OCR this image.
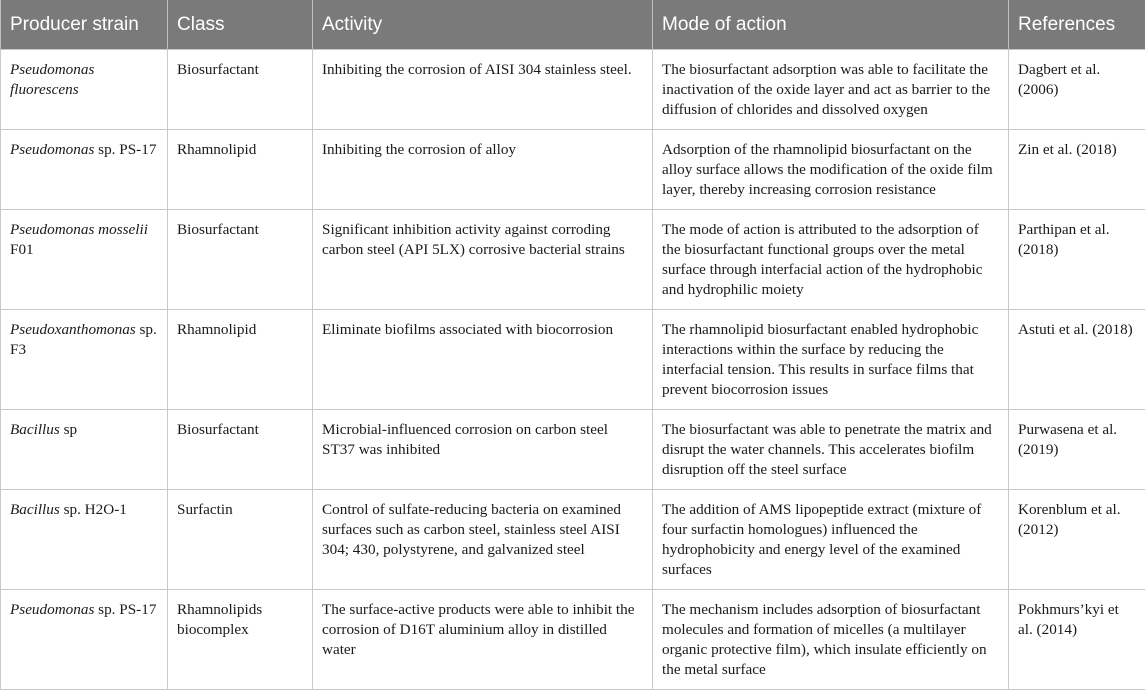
Producer strain	Class	Activity	Mode of action	References
Pseudomonas fluorescens	Biosurfactant	Inhibiting the corrosion of AISI 304 stainless steel.	The biosurfactant adsorption was able to facilitate the inactivation of the oxide layer and act as barrier to the diffusion of chlorides and dissolved oxygen	Dagbert et al. (2006)
Pseudomonas sp. PS-17	Rhamnolipid	Inhibiting the corrosion of alloy	Adsorption of the rhamnolipid biosurfactant on the alloy surface allows the modification of the oxide film layer, thereby increasing corrosion resistance	Zin et al. (2018)
Pseudomonas mosselii F01	Biosurfactant	Significant inhibition activity against corroding carbon steel (API 5LX) corrosive bacterial strains	The mode of action is attributed to the adsorption of the biosurfactant functional groups over the metal surface through interfacial action of the hydrophobic and hydrophilic moiety	Parthipan et al. (2018)
Pseudoxanthomonas sp. F3	Rhamnolipid	Eliminate biofilms associated with biocorrosion	The rhamnolipid biosurfactant enabled hydrophobic interactions within the surface by reducing the interfacial tension. This results in surface films that prevent biocorrosion issues	Astuti et al. (2018)
Bacillus sp	Biosurfactant	Microbial-influenced corrosion on carbon steel ST37 was inhibited	The biosurfactant was able to penetrate the matrix and disrupt the water channels. This accelerates biofilm disruption off the steel surface	Purwasena et al. (2019)
Bacillus sp. H2O-1	Surfactin	Control of sulfate-reducing bacteria on examined surfaces such as carbon steel, stainless steel AISI 304; 430, polystyrene, and galvanized steel	The addition of AMS lipopeptide extract (mixture of four surfactin homologues) influenced the hydrophobicity and energy level of the examined surfaces	Korenblum et al. (2012)
Pseudomonas sp. PS-17	Rhamnolipids biocomplex	The surface-active products were able to inhibit the corrosion of D16T aluminium alloy in distilled water	The mechanism includes adsorption of biosurfactant molecules and formation of micelles (a multilayer organic protective film), which insulate efficiently on the metal surface	Pokhmurs’kyi et al. (2014)
